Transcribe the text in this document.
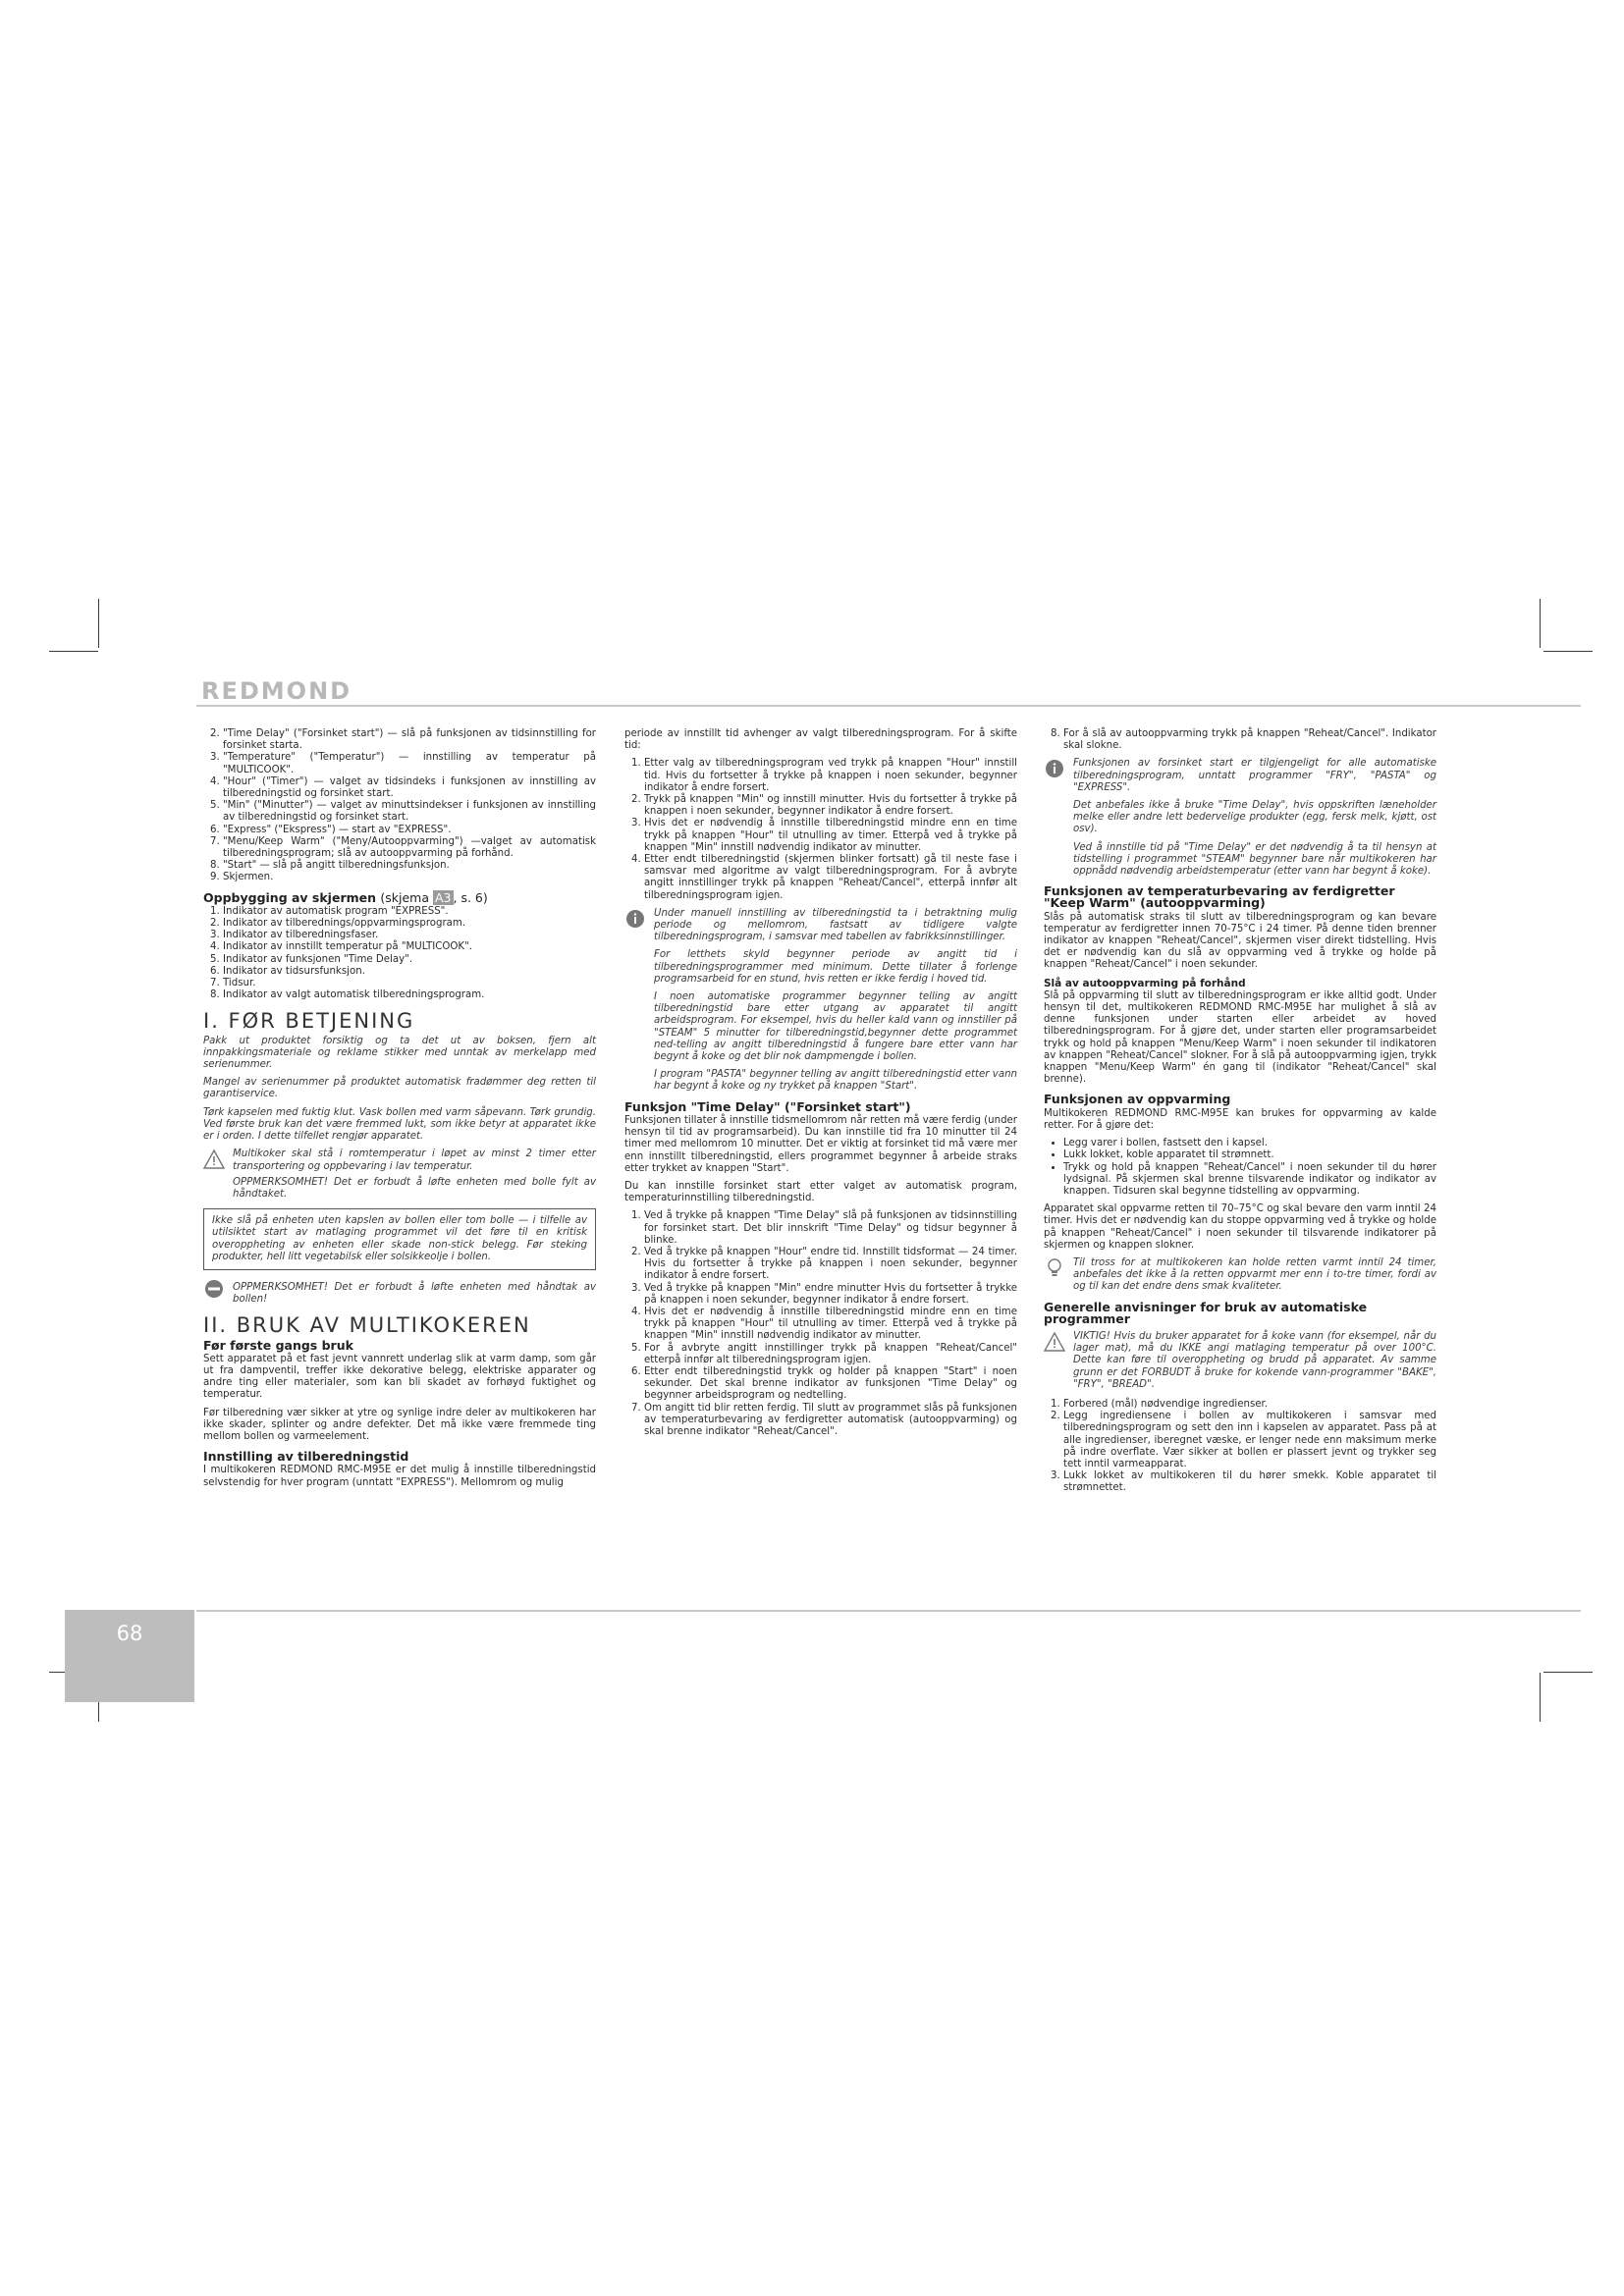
REDMOND
68
2. "Time Delay" ("Forsinket start") — slå på funksjonen av tidsinnstilling for forsinket starta.
3. "Temperature" ("Temperatur") — innstilling av temperatur på "MULTICOOK".
4. "Hour" ("Timer") — valget av tidsindeks i funksjonen av innstilling av tilberedningstid og forsinket start.
5. "Min" ("Minutter") — valget av minuttsindekser i funksjonen av innstilling av tilberedningstid og forsinket start.
6. "Express" ("Ekspress") — start av "EXPRESS".
7. "Menu/Keep Warm" ("Meny/Autooppvarming") —valget av automatisk tilberedningsprogram; slå av autooppvarming på forhånd.
8. "Start" — slå på angitt tilberedningsfunksjon.
9. Skjermen.
Oppbygging av skjermen (skjema A3 , s. 6)
1. Indikator av automatisk program "EXPRESS".
2. Indikator av tilberednings/oppvarmingsprogram.
3. Indikator av tilberedningsfaser.
4. Indikator av innstillt temperatur på "MULTICOOK".
5. Indikator av funksjonen "Time Delay".
6. Indikator av tidsursfunksjon.
7. Tidsur.
8. Indikator av valgt automatisk tilberedningsprogram.
I. FØR BETJENING

Pakk ut produktet forsiktig og ta det ut av boksen, fjern alt innpakkingsmateriale og reklame stikker med unntak av merkelapp med serienummer.

Mangel av serienummer på produktet automatisk fradømmer deg retten til garantiservice.

Tørk kapselen med fuktig klut. Vask bollen med varm såpevann. Tørk grundig. Ved første bruk kan det være fremmed lukt, som ikke betyr at apparatet ikke er i orden. I dette tilfellet rengjør apparatet.

Multikoker skal stå i romtemperatur i løpet av minst 2 timer etter transportering og oppbevaring i lav temperatur.

OPPMERKSOMHET! Det er forbudt å løfte enheten med bolle fylt av håndtaket.

Ikke slå på enheten uten kapslen av bollen eller tom bolle — i tilfelle av utilsiktet start av matlaging programmet vil det føre til en kritisk overoppheting av enheten eller skade non-stick belegg. Før steking produkter, hell litt vegetabilsk eller solsikkeolje i bollen.

OPPMERKSOMHET! Det er forbudt å løfte enheten med håndtak av bollen!

II. BRUK AV MULTIKOKEREN
Før første gangs bruk

Sett apparatet på et fast jevnt vannrett underlag slik at varm damp, som går ut fra dampventil, treffer ikke dekorative belegg, elektriske apparater og andre ting eller materialer, som kan bli skadet av forhøyd fuktighet og temperatur.

Før tilberedning vær sikker at ytre og synlige indre deler av multikokeren har ikke skader, splinter og andre defekter. Det må ikke være fremmede ting mellom bollen og varmeelement.

Innstilling av tilberedningstid

I multikokeren REDMOND RMC-M95E er det mulig å innstille tilberedningstid selvstendig for hver program (unntatt "EXPRESS"). Mellomrom og mulig

periode av innstillt tid avhenger av valgt tilberedningsprogram. For å skifte tid:

1. Etter valg av tilberedningsprogram ved trykk på knappen "Hour" innstill tid. Hvis du fortsetter å trykke på knappen i noen sekunder, begynner indikator å endre forsert.
2. Trykk på knappen "Min" og innstill minutter. Hvis du fortsetter å trykke på knappen i noen sekunder, begynner indikator å endre forsert.
3. Hvis det er nødvendig å innstille tilberedningstid mindre enn en time trykk på knappen "Hour" til utnulling av timer. Etterpå ved å trykke på knappen "Min" innstill nødvendig indikator av minutter.
4. Etter endt tilberedningstid (skjermen blinker fortsatt) gå til neste fase i samsvar med algoritme av valgt tilberedningsprogram. For å avbryte angitt innstillinger trykk på knappen "Reheat/Cancel", etterpå innfør alt tilberedningsprogram igjen.

Under manuell innstilling av tilberedningstid ta i betraktning mulig periode og mellomrom, fastsatt av tidligere valgte tilberedningsprogram, i samsvar med tabellen av fabrikksinnstillinger.

For letthets skyld begynner periode av angitt tid i tilberedningsprogrammer med minimum. Dette tillater å forlenge programsarbeid for en stund, hvis retten er ikke ferdig i hoved tid.

I noen automatiske programmer begynner telling av angitt tilberedningstid bare etter utgang av apparatet til angitt arbeidsprogram. For eksempel, hvis du heller kald vann og innstiller på "STEAM" 5 minutter for tilberedningstid,begynner dette programmet ned-telling av angitt tilberedningstid å fungere bare etter vann har begynt å koke og det blir nok dampmengde i bollen.

I program "PASTA" begynner telling av angitt tilberedningstid etter vann har begynt å koke og ny trykket på knappen "Start".

Funksjon "Time Delay" ("Forsinket start")

Funksjonen tillater å innstille tidsmellomrom når retten må være ferdig (under hensyn til tid av programsarbeid). Du kan innstille tid fra 10 minutter til 24 timer med mellomrom 10 minutter. Det er viktig at forsinket tid må være mer enn innstillt tilberedningstid, ellers programmet begynner å arbeide straks etter trykket av knappen "Start".

Du kan innstille forsinket start etter valget av automatisk program, temperaturinnstilling tilberedningstid.

1. Ved å trykke på knappen "Time Delay" slå på funksjonen av tidsinnstilling for forsinket start. Det blir innskrift "Time Delay" og tidsur begynner å blinke.
2. Ved å trykke på knappen "Hour" endre tid. Innstillt tidsformat — 24 timer. Hvis du fortsetter å trykke på knappen i noen sekunder, begynner indikator å endre forsert.
3. Ved å trykke på knappen "Min" endre minutter Hvis du fortsetter å trykke på knappen i noen sekunder, begynner indikator å endre forsert.
4. Hvis det er nødvendig å innstille tilberedningstid mindre enn en time trykk på knappen "Hour" til utnulling av timer. Etterpå ved å trykke på knappen "Min" innstill nødvendig indikator av minutter.
5. For å avbryte angitt innstillinger trykk på knappen "Reheat/Cancel" etterpå innfør alt tilberedningsprogram igjen.
6. Etter endt tilberedningstid trykk og holder på knappen "Start" i noen sekunder. Det skal brenne indikator av funksjonen "Time Delay" og begynner arbeidsprogram og nedtelling.
7. Om angitt tid blir retten ferdig. Til slutt av programmet slås på funksjonen av temperaturbevaring av ferdigretter automatisk (autooppvarming) og skal brenne indikator "Reheat/Cancel".
8. For å slå av autooppvarming trykk på knappen "Reheat/Cancel". Indikator skal slokne.

Funksjonen av forsinket start er tilgjengeligt for alle automatiske tilberedningsprogram, unntatt programmer "FRY", "PASTA" og "EXPRESS".

Det anbefales ikke å bruke "Time Delay", hvis oppskriften læneholder melke eller andre lett bedervelige produkter (egg, fersk melk, kjøtt, ost osv).

Ved å innstille tid på "Time Delay" er det nødvendig å ta til hensyn at tidstelling i programmet "STEAM" begynner bare når multikokeren har oppnådd nødvendig arbeidstemperatur (etter vann har begynt å koke).

Funksjonen av temperaturbevaring av ferdigretter "Keep Warm" (autooppvarming)

Slås på automatisk straks til slutt av tilberedningsprogram og kan bevare temperatur av ferdigretter innen 70-75°C i 24 timer. På denne tiden brenner indikator av knappen "Reheat/Cancel", skjermen viser direkt tidstelling. Hvis det er nødvendig kan du slå av oppvarming ved å trykke og holde på knappen "Reheat/Cancel" i noen sekunder.

Slå av autooppvarming på forhånd

Slå på oppvarming til slutt av tilberedningsprogram er ikke alltid godt. Under hensyn til det, multikokeren REDMOND RMC-M95E har mulighet å slå av denne funksjonen under starten eller arbeidet av hoved tilberedningsprogram. For å gjøre det, under starten eller programsarbeidet trykk og hold på knappen "Menu/Keep Warm" i noen sekunder til indikatoren av knappen "Reheat/Cancel" slokner. For å slå på autooppvarming igjen, trykk knappen "Menu/Keep Warm" én gang til (indikator "Reheat/Cancel" skal brenne).

Funksjonen av oppvarming

Multikokeren REDMOND RMC-M95E kan brukes for oppvarming av kalde retter. For å gjøre det:

• Legg varer i bollen, fastsett den i kapsel.
• Lukk lokket, koble apparatet til strømnett.
• Trykk og hold på knappen "Reheat/Cancel" i noen sekunder til du hører lydsignal. På skjermen skal brenne tilsvarende indikator og indikator av knappen. Tidsuren skal begynne tidstelling av oppvarming.

Apparatet skal oppvarme retten til 70–75°C og skal bevare den varm inntil 24 timer. Hvis det er nødvendig kan du stoppe oppvarming ved å trykke og holde på knappen "Reheat/Cancel" i noen sekunder til tilsvarende indikatorer på skjermen og knappen slokner.

Til tross for at multikokeren kan holde retten varmt inntil 24 timer, anbefales det ikke å la retten oppvarmt mer enn i to-tre timer, fordi av og til kan det endre dens smak kvaliteter.

Generelle anvisninger for bruk av automatiske programmer

VIKTIG! Hvis du bruker apparatet for å koke vann (for eksempel, når du lager mat), må du IKKE angi matlaging temperatur på over 100°C. Dette kan føre til overoppheting og brudd på apparatet. Av samme grunn er det FORBUDT å bruke for kokende vann-programmer "BAKE", "FRY", "BREAD".

1. Forbered (mål) nødvendige ingredienser.
2. Legg ingrediensene i bollen av multikokeren i samsvar med tilberedningsprogram og sett den inn i kapselen av apparatet. Pass på at alle ingredienser, iberegnet væske, er lenger nede enn maksimum merke på indre overflate. Vær sikker at bollen er plassert jevnt og trykker seg tett inntil varmeapparat.
3. Lukk lokket av multikokeren til du hører smekk. Koble apparatet til strømnettet.
